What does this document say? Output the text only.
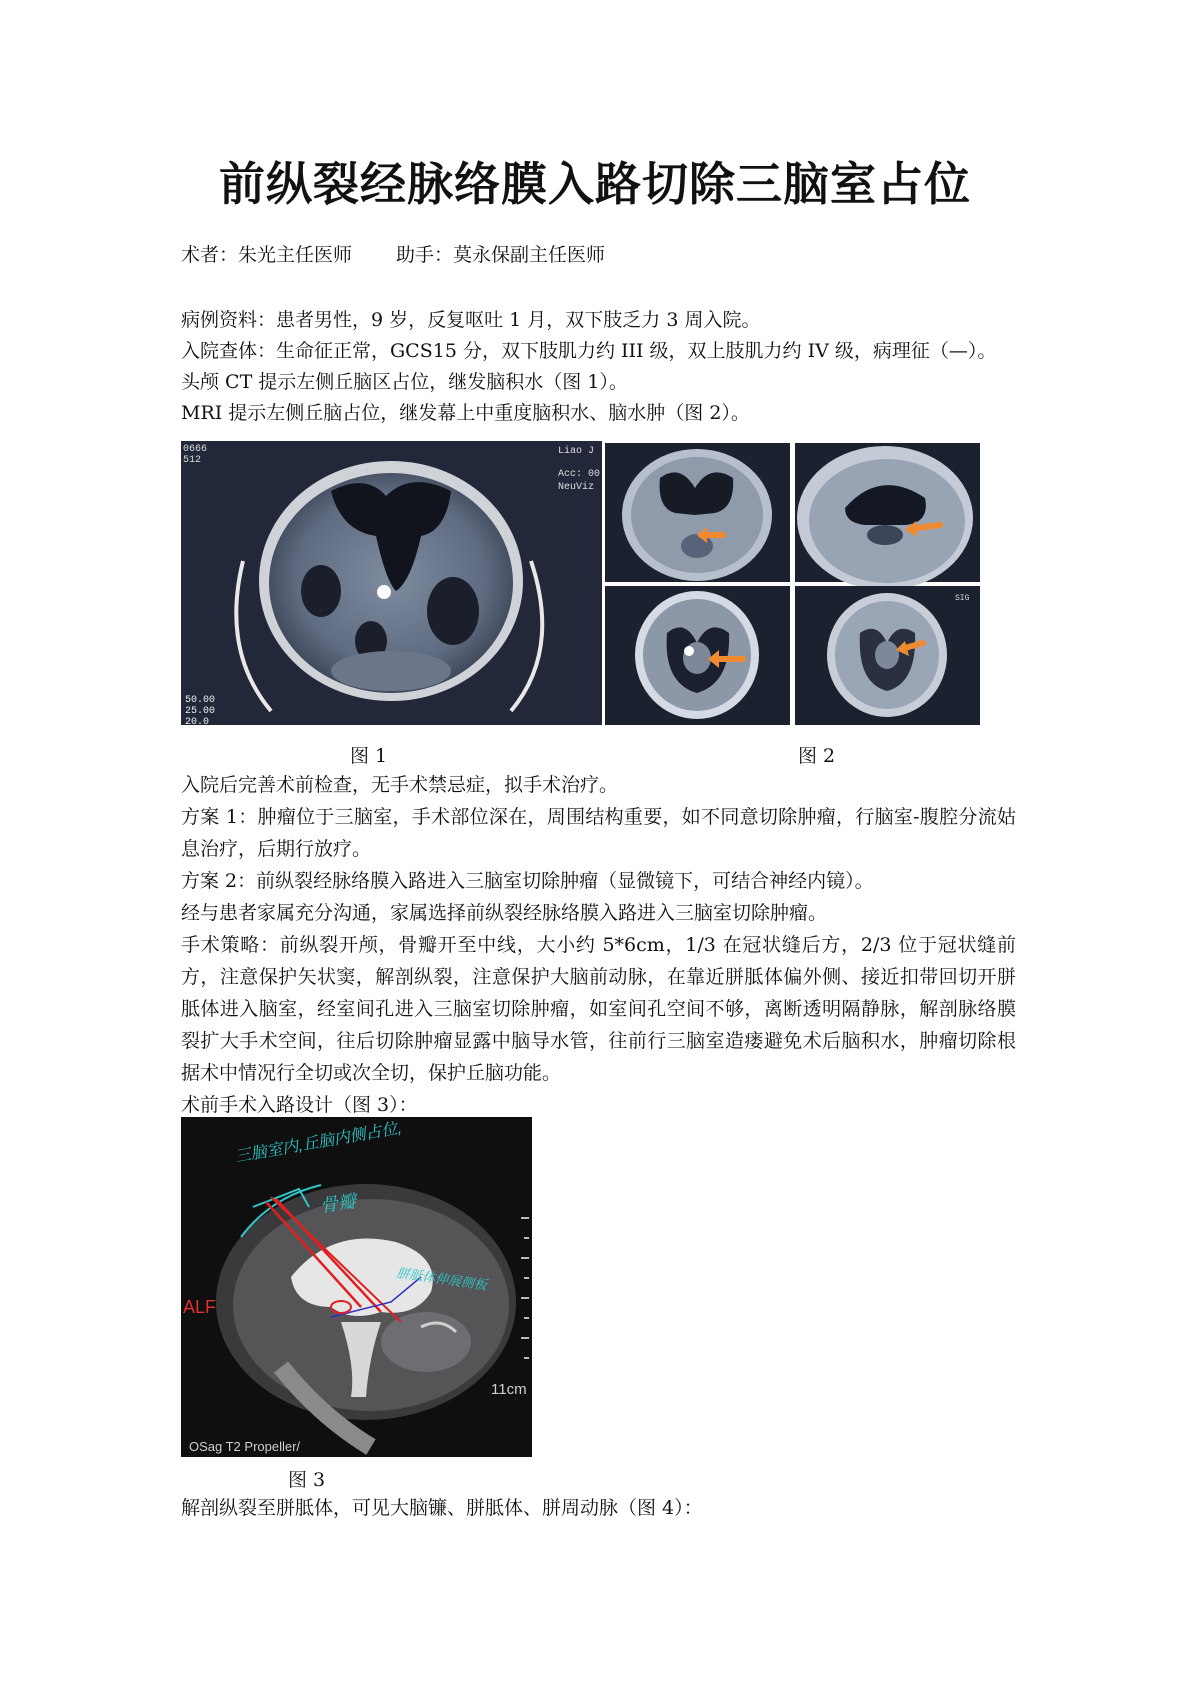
前纵裂经脉络膜入路切除三脑室占位
术者：朱光主任医师 助手：莫永保副主任医师
病例资料：患者男性，9 岁，反复呕吐 1 月，双下肢乏力 3 周入院。
入院查体：生命征正常，GCS15 分，双下肢肌力约 III 级，双上肢肌力约 IV 级，病理征（—）。
头颅 CT 提示左侧丘脑区占位，继发脑积水（图 1）。
MRI 提示左侧丘脑占位，继发幕上中重度脑积水、脑水肿（图 2）。
0666
512
Liao J
Acc: 00
NeuViz
50.00
25.00
20.0
SIG
图 1	图 2
入院后完善术前检查，无手术禁忌症，拟手术治疗。
方案 1：肿瘤位于三脑室，手术部位深在，周围结构重要，如不同意切除肿瘤，行脑室-腹腔分流姑息治疗，后期行放疗。
方案 2：前纵裂经脉络膜入路进入三脑室切除肿瘤（显微镜下，可结合神经内镜）。
经与患者家属充分沟通，家属选择前纵裂经脉络膜入路进入三脑室切除肿瘤。
手术策略：前纵裂开颅，骨瓣开至中线，大小约 5*6cm，1/3 在冠状缝后方，2/3 位于冠状缝前方，注意保护矢状窦，解剖纵裂，注意保护大脑前动脉，在靠近胼胝体偏外侧、接近扣带回切开胼胝体进入脑室，经室间孔进入三脑室切除肿瘤，如室间孔空间不够，离断透明隔静脉，解剖脉络膜裂扩大手术空间，往后切除肿瘤显露中脑导水管，往前行三脑室造瘘避免术后脑积水，肿瘤切除根据术中情况行全切或次全切，保护丘脑功能。
术前手术入路设计（图 3）：
三脑室内,丘脑内侧占位,
骨瓣
胼胝体伸展侧板
ALF
11cm
OSag T2 Propeller/
图 3
解剖纵裂至胼胝体，可见大脑镰、胼胝体、胼周动脉（图 4）：
